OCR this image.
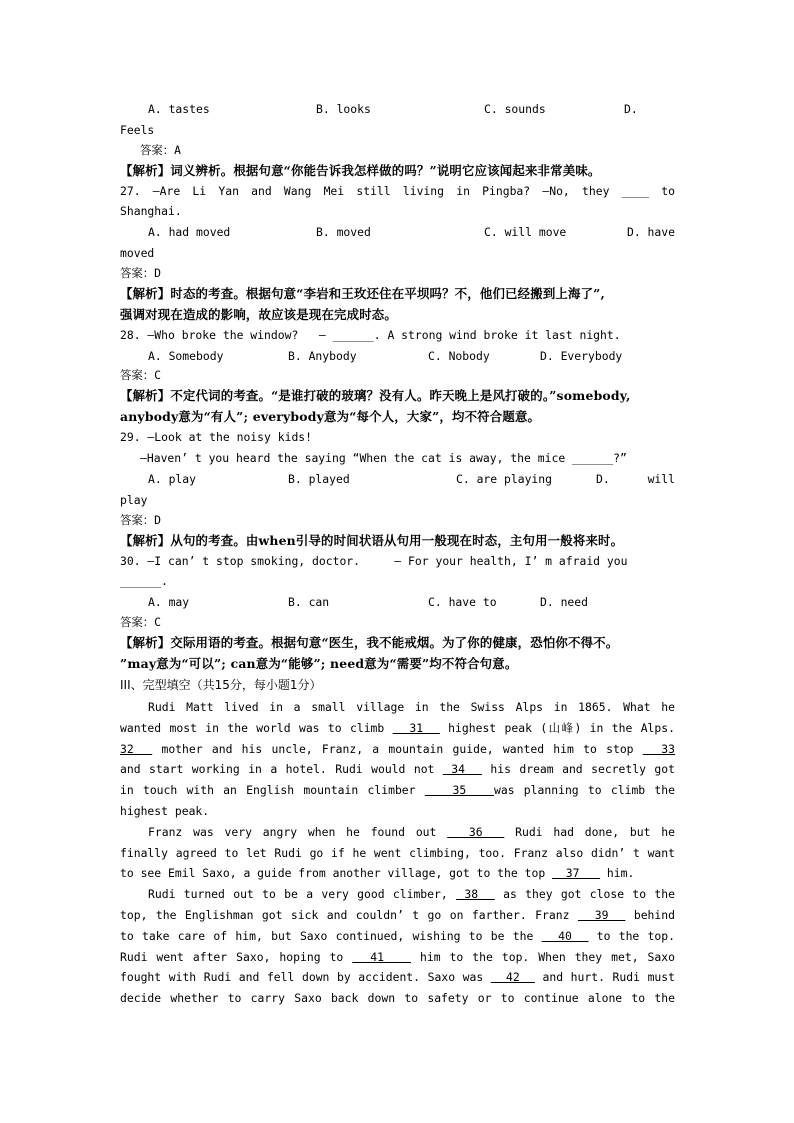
A. tastes	B. looks	C. sounds	D.
Feels
答案：A
【解析】词义辨析。根据句意“你能告诉我怎样做的吗？”说明它应该闻起来非常美味。
27. —Are Li Yan and Wang Mei still living in Pingba? —No, they ____ to
Shanghai.
A. had moved	B. moved	C. will move	D. have
moved
答案：D
【解析】时态的考查。根据句意“李岩和王玫还住在平坝吗？不，他们已经搬到上海了”,
强调对现在造成的影响，故应该是现在完成时态。
28. —Who broke the window?   — ______. A strong wind broke it last night.
A. Somebody	B. Anybody	C. Nobody	D. Everybody
答案：C
【解析】不定代词的考查。“是谁打破的玻璃？没有人。昨天晚上是风打破的。”somebody,
anybody意为“有人”; everybody意为“每个人，大家”，均不符合题意。
29. —Look at the noisy kids!
—Haven’ t you heard the saying “When the cat is away, the mice ______?”
A. play	B. played	C. are playing	D.	will
play
答案：D
【解析】从句的考查。由when引导的时间状语从句用一般现在时态，主句用一般将来时。
30. —I can’ t stop smoking, doctor.     — For your health, I’ m afraid you
______.
A. may	B. can	C. have to	D. need
答案：C
【解析】交际用语的考查。根据句意“医生，我不能戒烟。为了你的健康，恐怕你不得不。
”may意为“可以”; can意为“能够”; need意为“需要”均不符合句意。
III、完型填空（共15分，每小题1分）
Rudi Matt lived in a small village in the Swiss Alps in 1865. What he
wanted most in the world was to climb   31   highest peak (山峰) in the Alps.
32   mother and his uncle, Franz, a mountain guide, wanted him to stop   33
and start working in a hotel. Rudi would not  34   his dream and secretly got
in touch with an English mountain climber    35   was planning to climb the
highest peak.
Franz was very angry when he found out   36   Rudi had done, but he
finally agreed to let Rudi go if he went climbing, too. Franz also didn’ t want
to see Emil Saxo, a guide from another village, got to the top   37    him.
Rudi turned out to be a very good climber,  38   as they got close to the
top, the Englishman got sick and couldn’ t go on farther. Franz   39   behind
to take care of him, but Saxo continued, wishing to be the   40   to the top.
Rudi went after Saxo, hoping to   41    him to the top. When they met, Saxo
fought with Rudi and fell down by accident. Saxo was   42   and hurt. Rudi must
decide whether to carry Saxo back down to safety or to continue alone to the
